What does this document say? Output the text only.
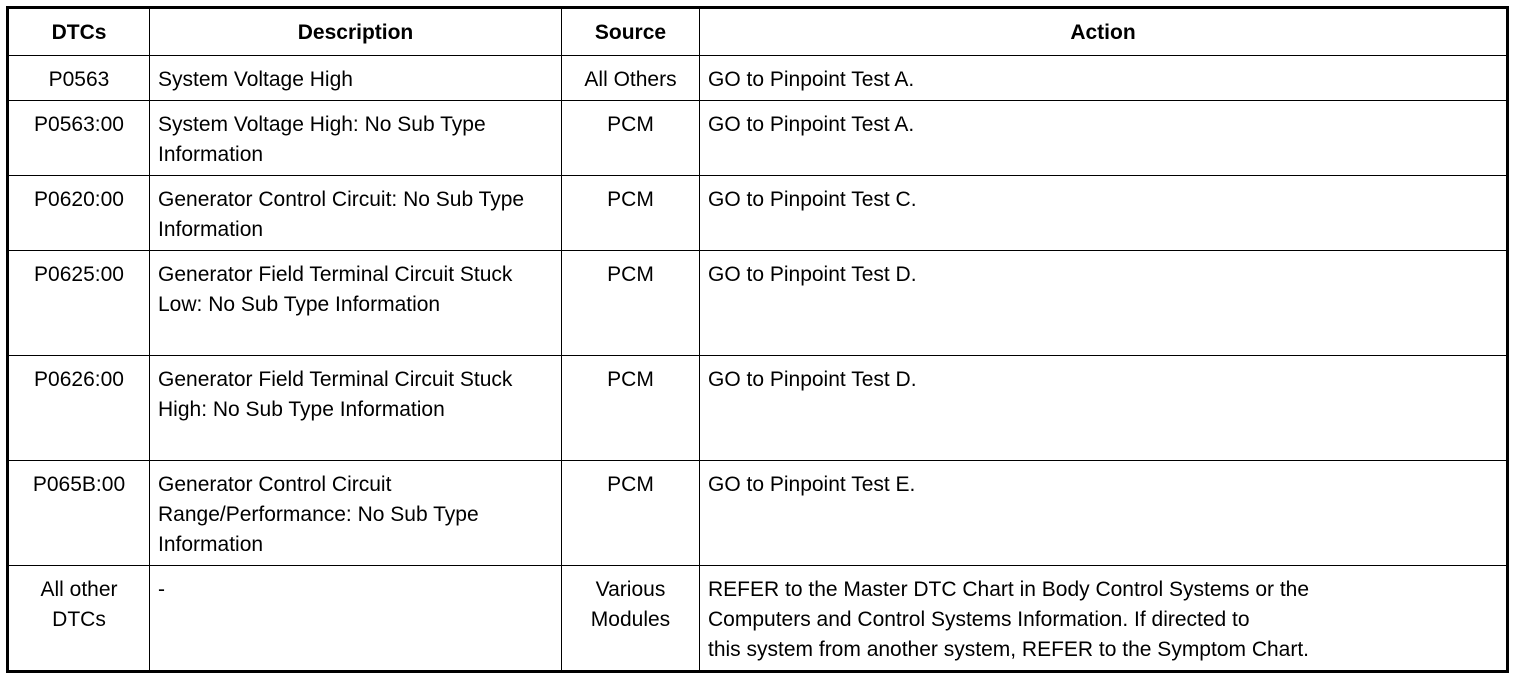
DTCs	Description	Source	Action
P0563	System Voltage High	All Others	GO to Pinpoint Test A.
P0563:00	System Voltage High: No Sub Type Information	PCM	GO to Pinpoint Test A.
P0620:00	Generator Control Circuit: No Sub Type Information	PCM	GO to Pinpoint Test C.
P0625:00	Generator Field Terminal Circuit Stuck Low: No Sub Type Information	PCM	GO to Pinpoint Test D.
P0626:00	Generator Field Terminal Circuit Stuck High: No Sub Type Information	PCM	GO to Pinpoint Test D.
P065B:00	Generator Control Circuit Range/Performance: No Sub Type Information	PCM	GO to Pinpoint Test E.
All other DTCs	-	Various Modules	REFER to the Master DTC Chart in Body Control Systems or the
Computers and Control Systems Information. If directed to
this system from another system, REFER to the Symptom Chart.
